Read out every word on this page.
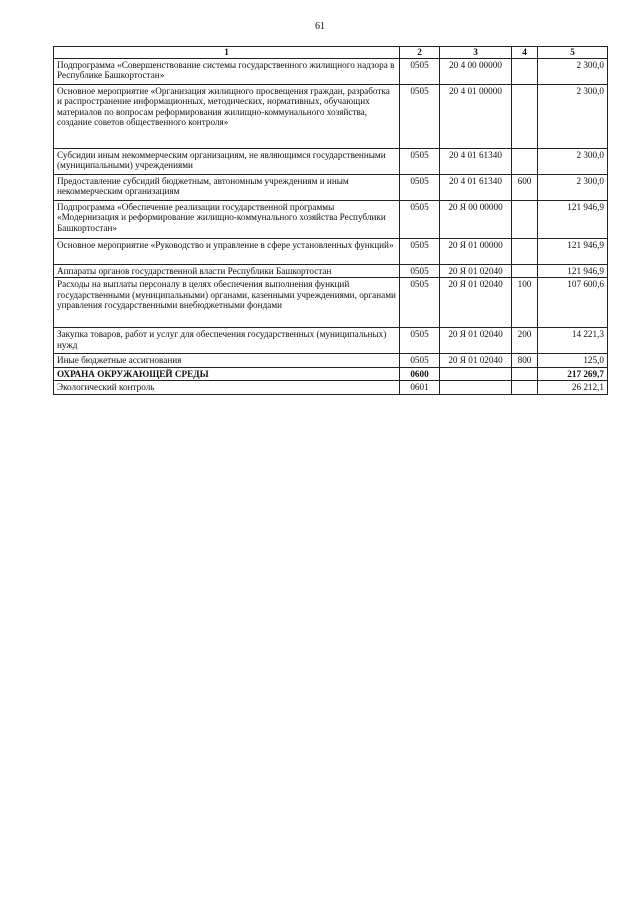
61
1	2	3	4	5
Подпрограмма «Совершенствование системы государственного жилищного надзора в Республике Башкортостан»	0505	20 4 00 00000		2 300,0
Основное мероприятие «Организация жилищного просвещения граждан, разработка и распространение информационных, методических, нормативных, обучающих материалов по вопросам реформирования жилищно-коммунального хозяйства, создание советов общественного контроля»	0505	20 4 01 00000		2 300,0
Субсидии иным некоммерческим организациям, не являющимся государственными (муниципальными) учреждениями	0505	20 4 01 61340		2 300,0
Предоставление субсидий бюджетным, автономным учреждениям и иным некоммерческим организациям	0505	20 4 01 61340	600	2 300,0
Подпрограмма «Обеспечение реализации государственной программы «Модернизация и реформирование жилищно-коммунального хозяйства Республики Башкортостан»	0505	20 Я 00 00000		121 946,9
Основное мероприятие «Руководство и управление в сфере установленных функций»	0505	20 Я 01 00000		121 946,9
Аппараты органов государственной власти Республики Башкортостан	0505	20 Я 01 02040		121 946,9
Расходы на выплаты персоналу в целях обеспечения выполнения функций государственными (муниципальными) органами, казенными учреждениями, органами управления государственными внебюджетными фондами	0505	20 Я 01 02040	100	107 600,6
Закупка товаров, работ и услуг для обеспечения государственных (муниципальных) нужд	0505	20 Я 01 02040	200	14 221,3
Иные бюджетные ассигнования	0505	20 Я 01 02040	800	125,0
ОХРАНА ОКРУЖАЮЩЕЙ СРЕДЫ	0600			217 269,7
Экологический контроль	0601			26 212,1
